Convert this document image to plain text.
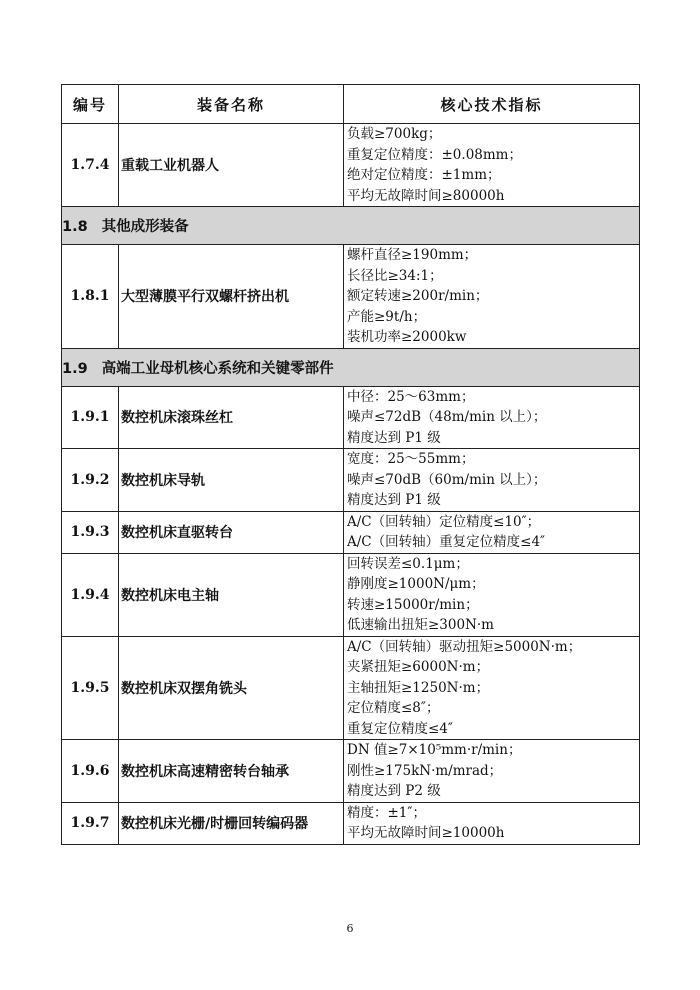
编号	装备名称	核心技术指标
1.7.4	重载工业机器人	负载≥700kg；
重复定位精度：±0.08mm；
绝对定位精度：±1mm；
平均无故障时间≥80000h

1.8 其他成形装备		
1.8.1	大型薄膜平行双螺杆挤出机	螺杆直径≥190mm；
长径比≥34:1；
额定转速≥200r/min；
产能≥9t/h；
装机功率≥2000kw

1.9 高端工业母机核心系统和关键零部件		
1.9.1	数控机床滚珠丝杠	中径：25～63mm；
噪声≤72dB（48m/min 以上）；
精度达到 P1 级

1.9.2	数控机床导轨	宽度：25～55mm；
噪声≤70dB（60m/min 以上）；
精度达到 P1 级

1.9.3	数控机床直驱转台	A/C（回转轴）定位精度≤10″；
A/C（回转轴）重复定位精度≤4″

1.9.4	数控机床电主轴	回转误差≤0.1μm；
静刚度≥1000N/μm；
转速≥15000r/min；
低速输出扭矩≥300N·m

1.9.5	数控机床双摆角铣头	A/C（回转轴）驱动扭矩≥5000N·m；
夹紧扭矩≥6000N·m；
主轴扭矩≥1250N·m；
定位精度≤8″；
重复定位精度≤4″

1.9.6	数控机床高速精密转台轴承	DN 值≥7×10⁵mm·r/min；
刚性≥175kN·m/mrad；
精度达到 P2 级

1.9.7	数控机床光栅/时栅回转编码器	精度：±1″；
平均无故障时间≥10000h
6
